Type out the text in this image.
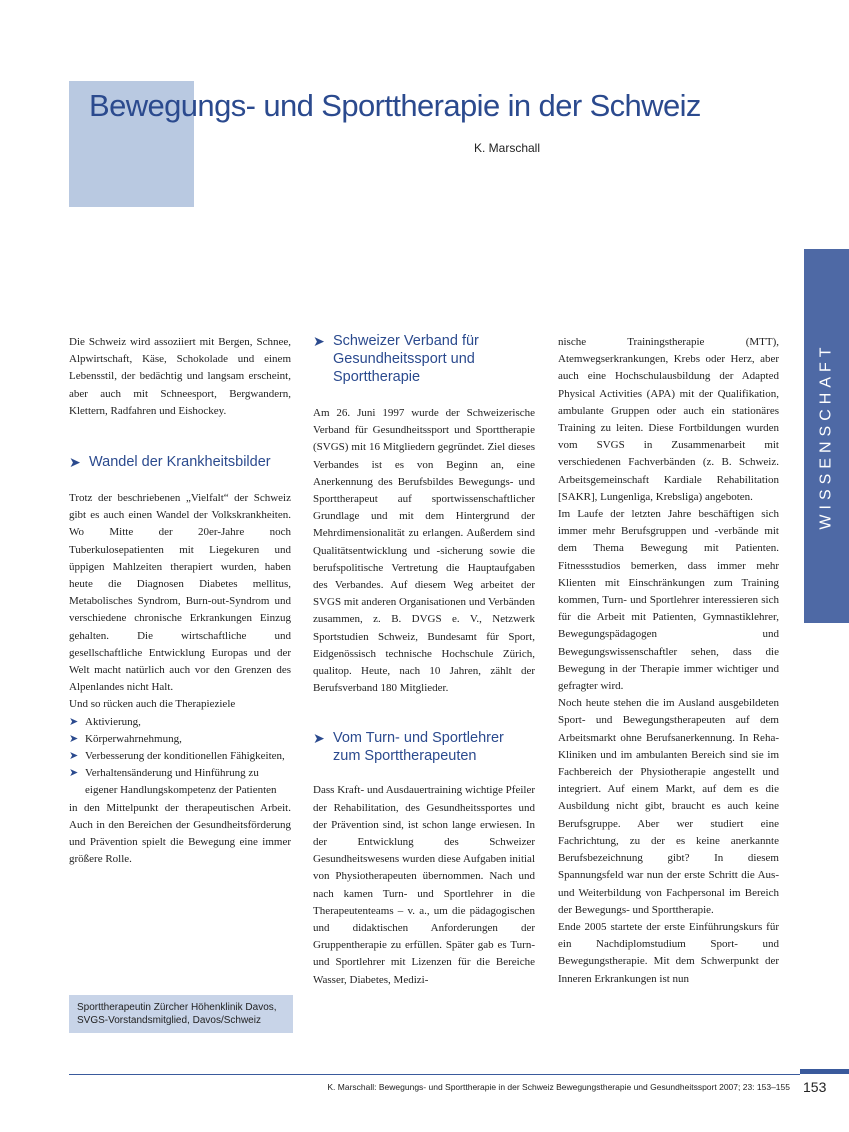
Bewegungs- und Sporttherapie in der Schweiz
K. Marschall
WISSENSCHAFT

Die Schweiz wird assoziiert mit Bergen, Schnee, Alpwirtschaft, Käse, Schokolade und einem Lebensstil, der bedächtig und langsam erscheint, aber auch mit Schneesport, Bergwandern, Klettern, Radfahren und Eishockey.

➤ Wandel der Krankheitsbilder

Trotz der beschriebenen „Vielfalt“ der Schweiz gibt es auch einen Wandel der Volkskrankheiten. Wo Mitte der 20er-Jahre noch Tuberkulosepatienten mit Liegekuren und üppigen Mahlzeiten therapiert wurden, haben heute die Diagnosen Diabetes mellitus, Metabolisches Syndrom, Burn-out-Syndrom und verschiedene chronische Erkrankungen Einzug gehalten. Die wirtschaftliche und gesellschaftliche Entwicklung Europas und der Welt macht natürlich auch vor den Grenzen des Alpenlandes nicht Halt.

Und so rücken auch die Therapieziele

➤ Aktivierung,
➤ Körperwahrnehmung,
➤ Verbesserung der konditionellen Fähigkeiten,
➤ Verhaltensänderung und Hinführung zu eigener Handlungskompetenz der Patienten

in den Mittelpunkt der therapeutischen Arbeit. Auch in den Bereichen der Gesundheitsförderung und Prävention spielt die Bewegung eine immer größere Rolle.

➤ Schweizer Verband für Gesundheitssport und Sporttherapie

Am 26. Juni 1997 wurde der Schweizerische Verband für Gesundheitssport und Sporttherapie (SVGS) mit 16 Mitgliedern gegründet. Ziel dieses Verbandes ist es von Beginn an, eine Anerkennung des Berufsbildes Bewegungs- und Sporttherapeut auf sportwissenschaftlicher Grundlage und mit dem Hintergrund der Mehrdimensionalität zu erlangen. Außerdem sind Qualitätsentwicklung und -sicherung sowie die berufspolitische Vertretung die Hauptaufgaben des Verbandes. Auf diesem Weg arbeitet der SVGS mit anderen Organisationen und Verbänden zusammen, z. B. DVGS e. V., Netzwerk Sportstudien Schweiz, Bundesamt für Sport, Eidgenössisch technische Hochschule Zürich, qualitop. Heute, nach 10 Jahren, zählt der Berufsverband 180 Mitglieder.

➤ Vom Turn- und Sportlehrer zum Sporttherapeuten

Dass Kraft- und Ausdauertraining wichtige Pfeiler der Rehabilitation, des Gesundheitssportes und der Prävention sind, ist schon lange erwiesen. In der Entwicklung des Schweizer Gesundheitswesens wurden diese Aufgaben initial von Physiotherapeuten übernommen. Nach und nach kamen Turn- und Sportlehrer in die Therapeutenteams – v. a., um die pädagogischen und didaktischen Anforderungen der Gruppentherapie zu erfüllen. Später gab es Turn- und Sportlehrer mit Lizenzen für die Bereiche Wasser, Diabetes, Medizi-

nische Trainingstherapie (MTT), Atemwegserkrankungen, Krebs oder Herz, aber auch eine Hochschulausbildung der Adapted Physical Activities (APA) mit der Qualifikation, ambulante Gruppen oder auch ein stationäres Training zu leiten. Diese Fortbildungen wurden vom SVGS in Zusammenarbeit mit verschiedenen Fachverbänden (z. B. Schweiz. Arbeitsgemeinschaft Kardiale Rehabilitation [SAKR], Lungenliga, Krebsliga) angeboten.

Im Laufe der letzten Jahre beschäftigen sich immer mehr Berufsgruppen und -verbände mit dem Thema Bewegung mit Patienten. Fitnessstudios bemerken, dass immer mehr Klienten mit Einschränkungen zum Training kommen, Turn- und Sportlehrer interessieren sich für die Arbeit mit Patienten, Gymnastiklehrer, Bewegungspädagogen und Bewegungswissenschaftler sehen, dass die Bewegung in der Therapie immer wichtiger und gefragter wird.

Noch heute stehen die im Ausland ausgebildeten Sport- und Bewegungstherapeuten auf dem Arbeitsmarkt ohne Berufsanerkennung. In Reha-Kliniken und im ambulanten Bereich sind sie im Fachbereich der Physiotherapie angestellt und integriert. Auf einem Markt, auf dem es die Ausbildung nicht gibt, braucht es auch keine Berufsgruppe. Aber wer studiert eine Fachrichtung, zu der es keine anerkannte Berufsbezeichnung gibt? In diesem Spannungsfeld war nun der erste Schritt die Aus- und Weiterbildung von Fachpersonal im Bereich der Bewegungs- und Sporttherapie.

Ende 2005 startete der erste Einführungskurs für ein Nachdiplomstudium Sport- und Bewegungstherapie. Mit dem Schwerpunkt der Inneren Erkrankungen ist nun

Sporttherapeutin Zürcher Höhenklinik Davos,
SVGS-Vorstandsmitglied, Davos/Schweiz
K. Marschall: Bewegungs- und Sporttherapie in der Schweiz Bewegungstherapie und Gesundheitssport 2007; 23: 153–155 153
